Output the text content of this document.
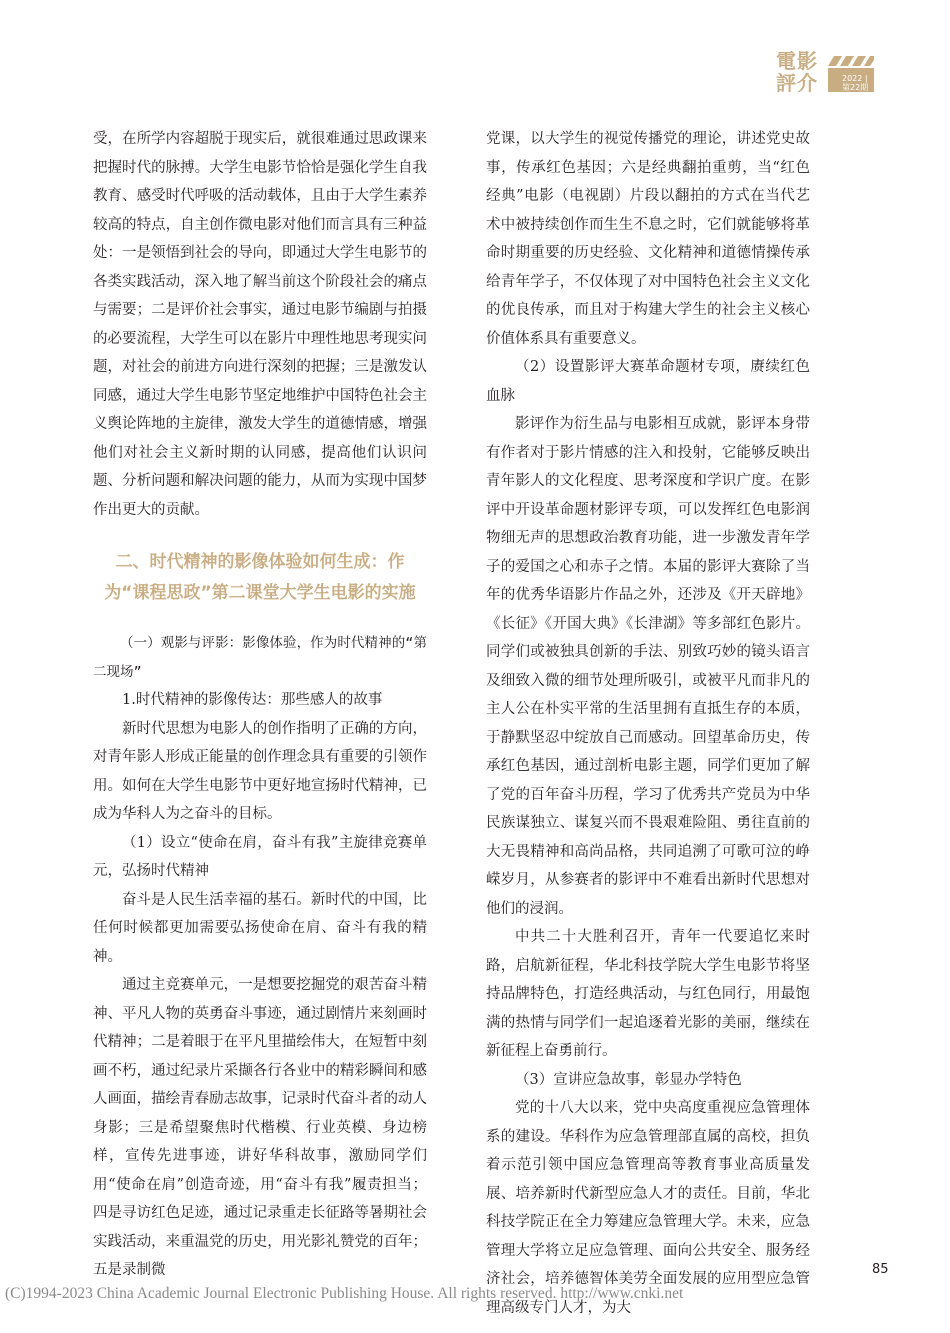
電影
評介	2022 | 第22期

受，在所学内容超脱于现实后，就很难通过思政课来把握时代的脉搏。大学生电影节恰恰是强化学生自我教育、感受时代呼吸的活动载体，且由于大学生素养较高的特点，自主创作微电影对他们而言具有三种益处：一是领悟到社会的导向，即通过大学生电影节的各类实践活动，深入地了解当前这个阶段社会的痛点与需要；二是评价社会事实，通过电影节编剧与拍摄的必要流程，大学生可以在影片中理性地思考现实问题，对社会的前进方向进行深刻的把握；三是激发认同感，通过大学生电影节坚定地维护中国特色社会主义舆论阵地的主旋律，激发大学生的道德情感，增强他们对社会主义新时期的认同感，提高他们认识问题、分析问题和解决问题的能力，从而为实现中国梦作出更大的贡献。

二、时代精神的影像体验如何生成：作为“课程思政”第二课堂大学生电影的实施

（一）观影与评影：影像体验，作为时代精神的“第二现场”

1.时代精神的影像传达：那些感人的故事

新时代思想为电影人的创作指明了正确的方向，对青年影人形成正能量的创作理念具有重要的引领作用。如何在大学生电影节中更好地宣扬时代精神，已成为华科人为之奋斗的目标。

（1）设立“使命在肩，奋斗有我”主旋律竞赛单元，弘扬时代精神

奋斗是人民生活幸福的基石。新时代的中国，比任何时候都更加需要弘扬使命在肩、奋斗有我的精神。

通过主竞赛单元，一是想要挖掘党的艰苦奋斗精神、平凡人物的英勇奋斗事迹，通过剧情片来刻画时代精神；二是着眼于在平凡里描绘伟大，在短暂中刻画不朽，通过纪录片采撷各行各业中的精彩瞬间和感人画面，描绘青春励志故事，记录时代奋斗者的动人身影；三是希望聚焦时代楷模、行业英模、身边榜样，宣传先进事迹，讲好华科故事，激励同学们用“使命在肩”创造奇迹，用“奋斗有我”履责担当；四是寻访红色足迹，通过记录重走长征路等暑期社会实践活动，来重温党的历史，用光影礼赞党的百年；五是录制微

党课，以大学生的视觉传播党的理论，讲述党史故事，传承红色基因；六是经典翻拍重剪，当“红色经典”电影（电视剧）片段以翻拍的方式在当代艺术中被持续创作而生生不息之时，它们就能够将革命时期重要的历史经验、文化精神和道德情操传承给青年学子，不仅体现了对中国特色社会主义文化的优良传承，而且对于构建大学生的社会主义核心价值体系具有重要意义。

（2）设置影评大赛革命题材专项，赓续红色血脉

影评作为衍生品与电影相互成就，影评本身带有作者对于影片情感的注入和投射，它能够反映出青年影人的文化程度、思考深度和学识广度。在影评中开设革命题材影评专项，可以发挥红色电影润物细无声的思想政治教育功能，进一步激发青年学子的爱国之心和赤子之情。本届的影评大赛除了当年的优秀华语影片作品之外，还涉及《开天辟地》《长征》《开国大典》《长津湖》等多部红色影片。同学们或被独具创新的手法、别致巧妙的镜头语言及细致入微的细节处理所吸引，或被平凡而非凡的主人公在朴实平常的生活里拥有直抵生存的本质，于静默坚忍中绽放自己而感动。回望革命历史，传承红色基因，通过剖析电影主题，同学们更加了解了党的百年奋斗历程，学习了优秀共产党员为中华民族谋独立、谋复兴而不畏艰难险阻、勇往直前的大无畏精神和高尚品格，共同追溯了可歌可泣的峥嵘岁月，从参赛者的影评中不难看出新时代思想对他们的浸润。

中共二十大胜利召开，青年一代要追忆来时路，启航新征程，华北科技学院大学生电影节将坚持品牌特色，打造经典活动，与红色同行，用最饱满的热情与同学们一起追逐着光影的美丽，继续在新征程上奋勇前行。

（3）宣讲应急故事，彰显办学特色

党的十八大以来，党中央高度重视应急管理体系的建设。华科作为应急管理部直属的高校，担负着示范引领中国应急管理高等教育事业高质量发展、培养新时代新型应急人才的责任。目前，华北科技学院正在全力筹建应急管理大学。未来，应急管理大学将立足应急管理、面向公共安全、服务经济社会，培养德智体美劳全面发展的应用型应急管理高级专门人才，为大

85
(C)1994-2023 China Academic Journal Electronic Publishing House. All rights reserved. http://www.cnki.net
